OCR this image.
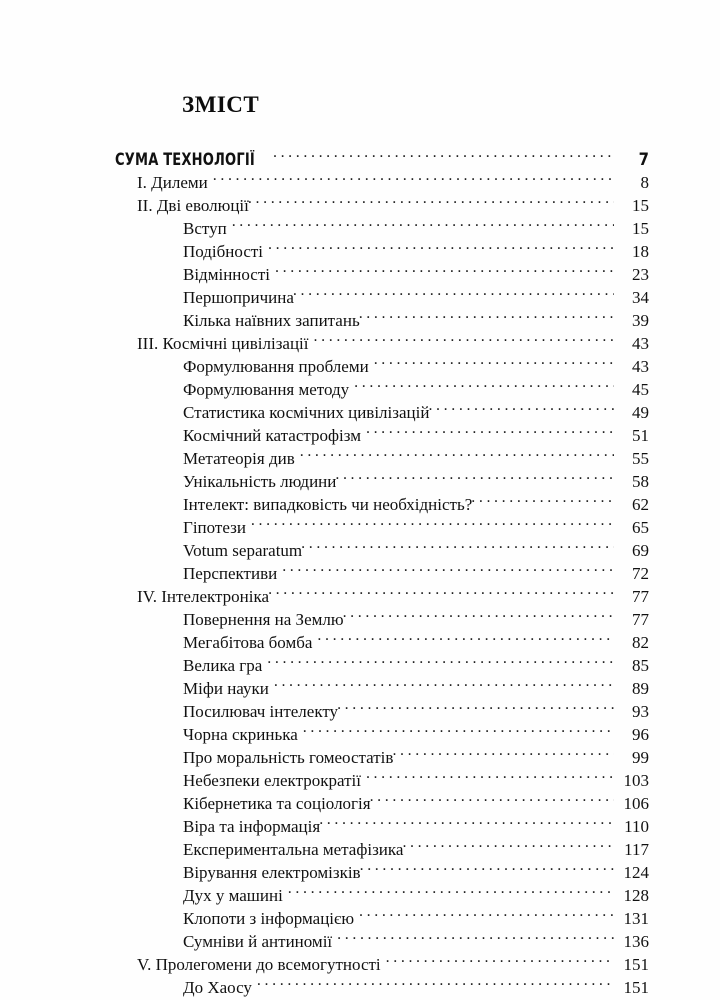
ЗМІСТ
СУМА ТЕХНОЛОГІЇ . . .	7
I. Дилеми . . .	8
II. Дві еволюції . . .	15
Вступ . . .	15
Подібності . . .	18
Відмінності . . .	23
Першопричина . . .	34
Кілька наївних запитань . . .	39
III. Космічні цивілізації . . .	43
Формулювання проблеми . . .	43
Формулювання методу . . .	45
Статистика космічних цивілізацій . . .	49
Космічний катастрофізм . . .	51
Метатеорія див . . .	55
Унікальність людини . . .	58
Інтелект: випадковість чи необхідність? . . .	62
Гіпотези . . .	65
Votum separatum . . .	69
Перспективи . . .	72
IV. Інтелектроніка . . .	77
Повернення на Землю . . .	77
Мегабітова бомба . . .	82
Велика гра . . .	85
Міфи науки . . .	89
Посилювач інтелекту . . .	93
Чорна скринька . . .	96
Про моральність гомеостатів . . .	99
Небезпеки електрократії . . .	103
Кібернетика та соціологія . . .	106
Віра та інформація . . .	110
Експериментальна метафізика . . .	117
Вірування електромізків . . .	124
Дух у машині . . .	128
Клопоти з інформацією . . .	131
Сумніви й антиномії . . .	136
V. Пролегомени до всемогутності . . .	151
До Хаосу . . .	151
